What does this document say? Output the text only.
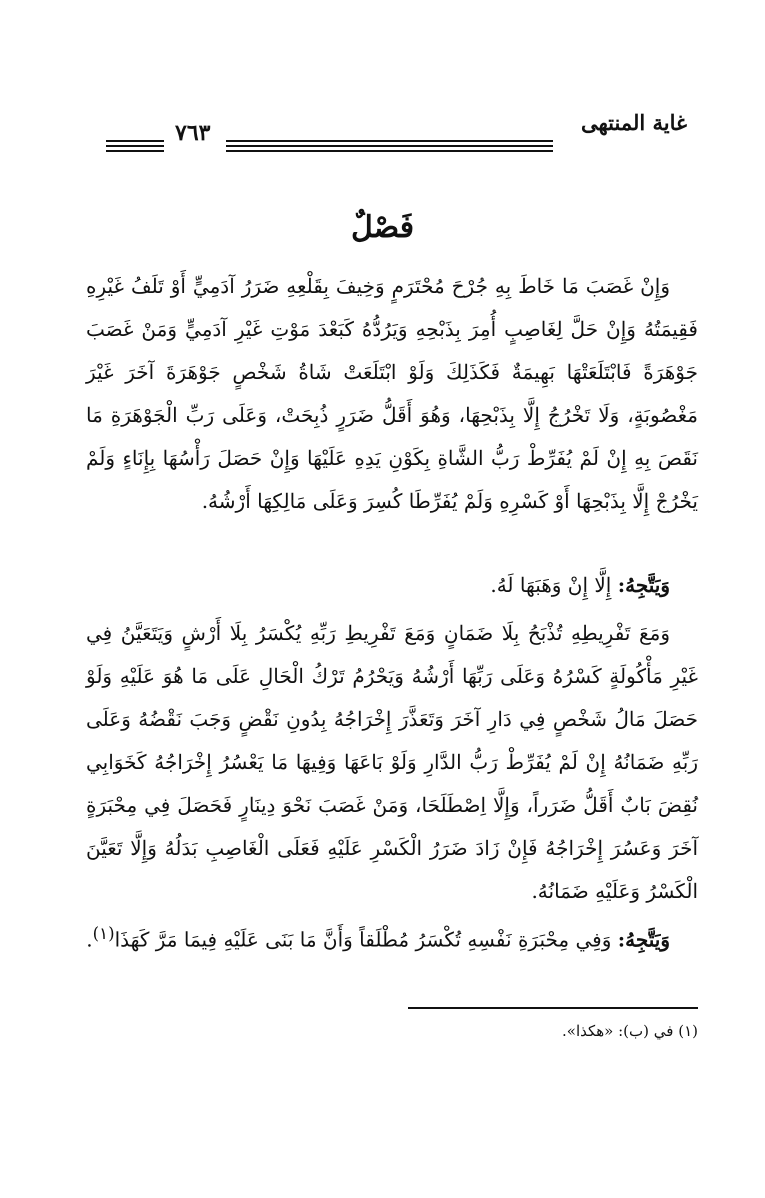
غاية المنتهى
٧٦٣
فَصْلٌ
وَإِنْ غَصَبَ مَا خَاطَ بِهِ جُرْحَ مُحْتَرَمٍ وَخِيفَ بِقَلْعِهِ ضَرَرُ آدَمِيٍّ أَوْ تَلَفُ غَيْرِهِ فَقِيمَتُهُ وَإِنْ حَلَّ لِغَاصِبٍ أُمِرَ بِذَبْحِهِ وَيَرُدُّهُ كَبَعْدَ مَوْتِ غَيْرِ آدَمِيٍّ وَمَنْ غَصَبَ جَوْهَرَةً فَابْتَلَعَتْهَا بَهِيمَةٌ فَكَذَلِكَ وَلَوْ ابْتَلَعَتْ شَاةُ شَخْصٍ جَوْهَرَةَ آخَرَ غَيْرَ مَغْصُوبَةٍ، وَلَا تَخْرُجُ إِلَّا بِذَبْحِهَا، وَهُوَ أَقَلُّ ضَرَرٍ ذُبِحَتْ، وَعَلَى رَبِّ الْجَوْهَرَةِ مَا نَقَصَ بِهِ إِنْ لَمْ يُفَرِّطْ رَبُّ الشَّاةِ بِكَوْنِ يَدِهِ عَلَيْهَا وَإِنْ حَصَلَ رَأْسُهَا بِإِنَاءٍ وَلَمْ يَخْرُجْ إِلَّا بِذَبْحِهَا أَوْ كَسْرِهِ وَلَمْ يُفَرِّطَا كُسِرَ وَعَلَى مَالِكِهَا أَرْشُهُ.
وَيَتَّجِهُ: إِلَّا إِنْ وَهَبَهَا لَهُ.
وَمَعَ تَفْرِيطِهِ تُذْبَحُ بِلَا ضَمَانٍ وَمَعَ تَفْرِيطِ رَبِّهِ يُكْسَرُ بِلَا أَرْشٍ وَيَتَعَيَّنُ فِي غَيْرِ مَأْكُولَةٍ كَسْرُهُ وَعَلَى رَبِّهَا أَرْشُهُ وَيَحْرُمُ تَرْكُ الْحَالِ عَلَى مَا هُوَ عَلَيْهِ وَلَوْ حَصَلَ مَالُ شَخْصٍ فِي دَارِ آخَرَ وَتَعَذَّرَ إِخْرَاجُهُ بِدُونِ نَقْضٍ وَجَبَ نَقْضُهُ وَعَلَى رَبِّهِ ضَمَانُهُ إِنْ لَمْ يُفَرِّطْ رَبُّ الدَّارِ وَلَوْ بَاعَهَا وَفِيهَا مَا يَعْسُرُ إِخْرَاجُهُ كَخَوَابِي نُقِضَ بَابٌ أَقَلُّ ضَرَراً، وَإِلَّا اِصْطَلَحَا، وَمَنْ غَصَبَ نَحْوَ دِينَارٍ فَحَصَلَ فِي مِحْبَرَةٍ آخَرَ وَعَسُرَ إِخْرَاجُهُ فَإِنْ زَادَ ضَرَرُ الْكَسْرِ عَلَيْهِ فَعَلَى الْغَاصِبِ بَدَلُهُ وَإِلَّا تَعَيَّنَ الْكَسْرُ وَعَلَيْهِ ضَمَانُهُ.
وَيَتَّجِهُ: وَفِي مِحْبَرَةِ نَفْسِهِ تُكْسَرُ مُطْلَقاً وَأَنَّ مَا بَنَى عَلَيْهِ فِيمَا مَرَّ كَهَذَا$^{(١)}$.
(١) في (ب): «هكذا».
